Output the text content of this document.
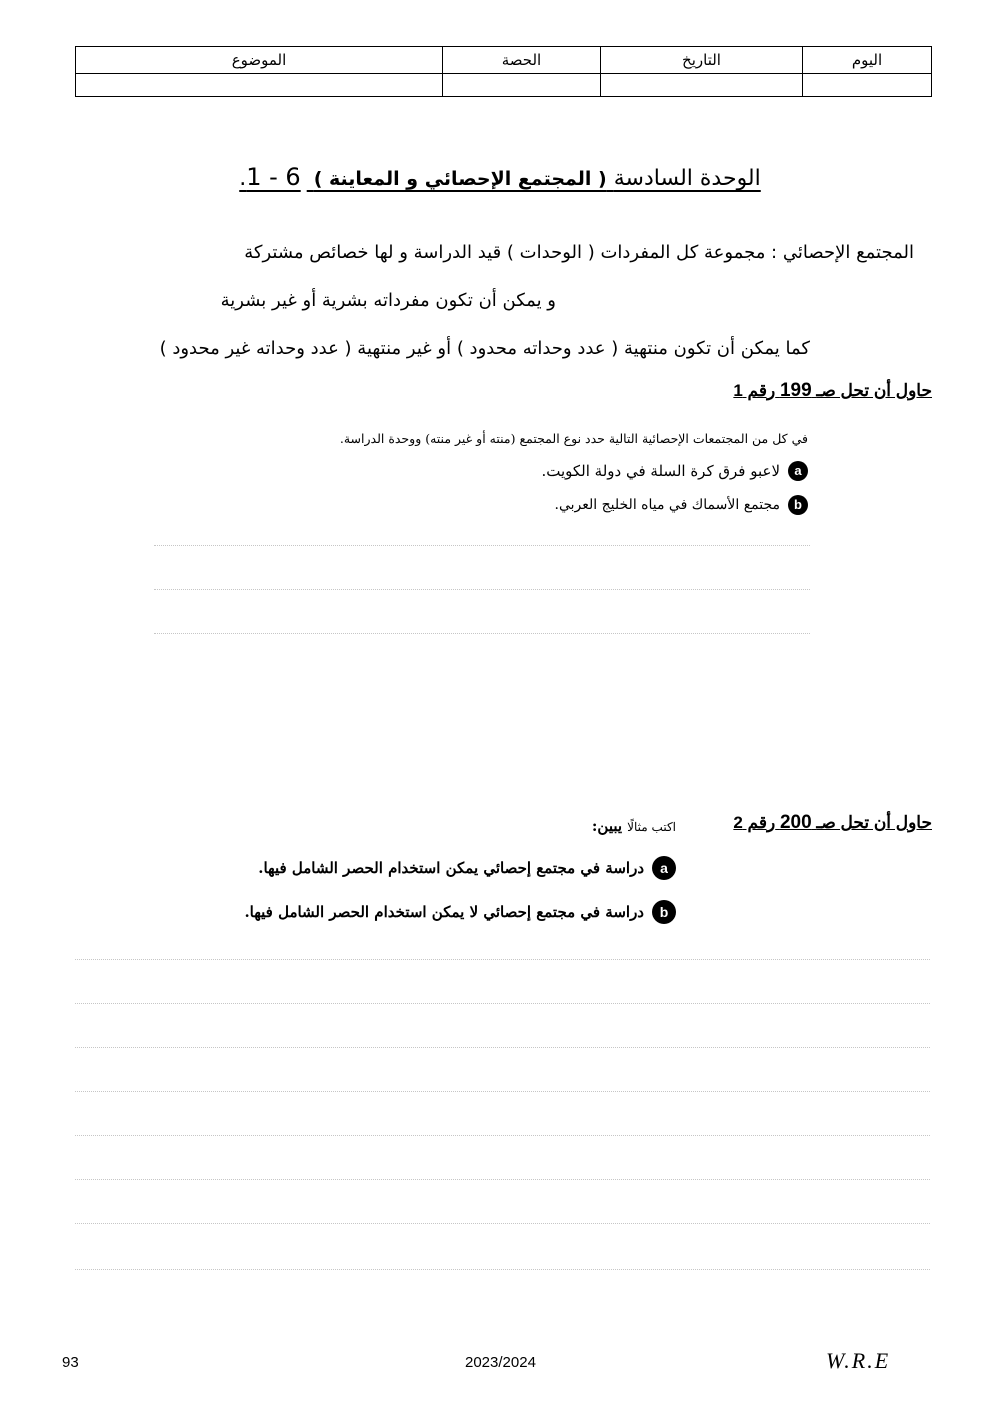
اليوم	التاريخ	الحصة	الموضوع

الوحدة السادسة ( المجتمع الإحصائي و المعاينة ) 1 - 6.
المجتمع الإحصائي : مجموعة كل المفردات ( الوحدات ) قيد الدراسة و لها خصائص مشتركة
و يمكن أن تكون مفرداته بشرية أو غير بشرية
كما يمكن أن تكون منتهية ( عدد وحداته محدود ) أو غير منتهية ( عدد وحداته غير محدود )
حاول أن تحل صـ 199 رقم 1
في كل من المجتمعات الإحصائية التالية حدد نوع المجتمع (منته أو غير منته) ووحدة الدراسة.
a
لاعبو فرق كرة السلة في دولة الكويت.
b
مجتمع الأسماك في مياه الخليج العربي.
حاول أن تحل صـ 200 رقم 2
اكتب مثالًا يبين:
a
دراسة في مجتمع إحصائي يمكن استخدام الحصر الشامل فيها.
b
دراسة في مجتمع إحصائي لا يمكن استخدام الحصر الشامل فيها.
93	2023/2024	W.R.E
